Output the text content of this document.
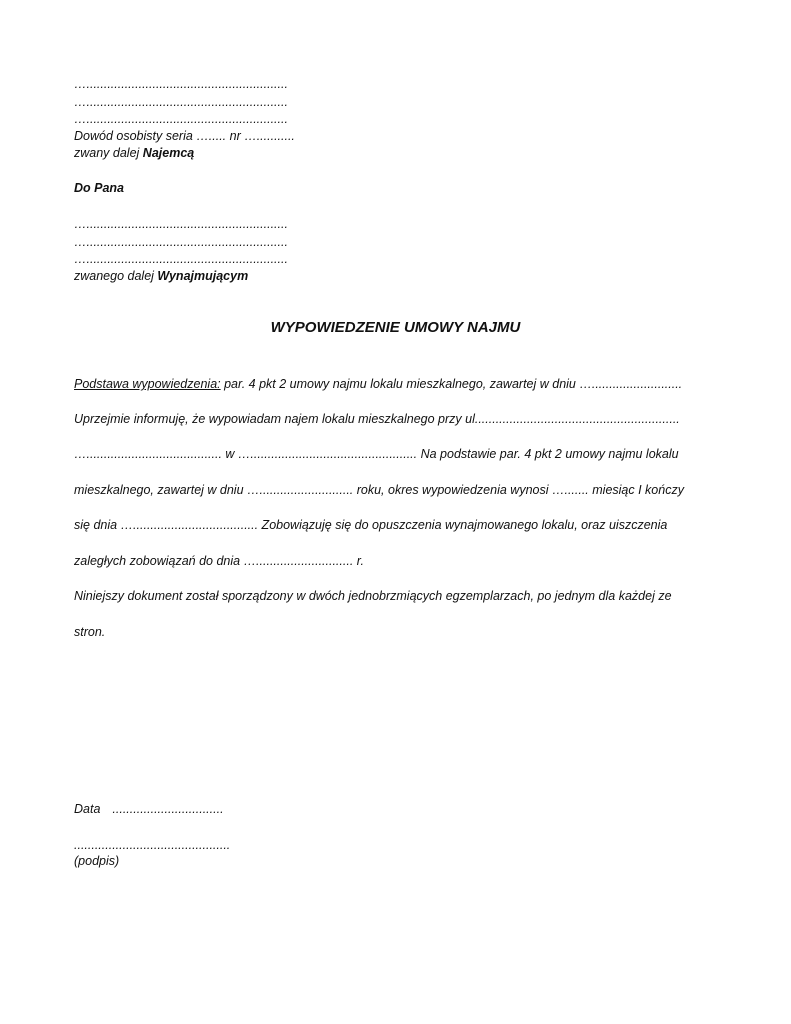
…..........................................................
…..........................................................
…..........................................................
Dowód osobisty seria …..... nr …...........
zwany dalej Najemcą
Do Pana
…..........................................................
…..........................................................
…..........................................................
zwanego dalej Wynajmującym
WYPOWIEDZENIE UMOWY NAJMU
Podstawa wypowiedzenia: par. 4 pkt 2 umowy najmu lokalu mieszkalnego, zawartej w dniu …..........................
Uprzejmie informuję, że wypowiadam najem lokalu mieszkalnego przy ul...........................................................
…....................................... w …................................................ Na podstawie par. 4 pkt 2 umowy najmu lokalu
mieszkalnego, zawartej w dniu …........................... roku, okres wypowiedzenia wynosi …....... miesiąc I kończy
się dnia ….................................... Zobowiązuję się do opuszczenia wynajmowanego lokalu, oraz uiszczenia
zaległych zobowiązań do dnia …............................ r.
Niniejszy dokument został sporządzony w dwóch jednobrzmiących egzemplarzach, po jednym dla każdej ze
stron.
Data ................................
.............................................
(podpis)
